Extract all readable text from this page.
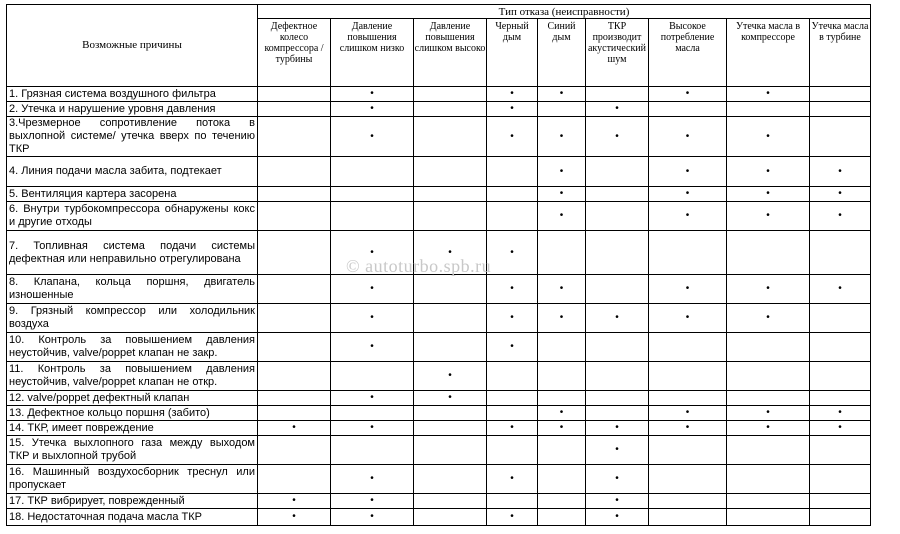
Возможные причины	Тип отказа (неисправности)								
	Дефектное колесо компрессора /турбины	Давление повышения слишком низко	Давление повышения слишком высоко	Черный дым	Синий дым	ТКР производит акустический шум	Высокое потребление масла	Утечка масла в компрессоре	Утечка масла в турбине
1. Грязная система воздушного фильтра		•		•	•		•	•	
2. Утечка и нарушение уровня давления		•		•		•			
3.Чрезмерное сопротивление потока в выхлопной системе/ утечка вверх по течению ТКР		•		•	•	•	•	•	
4. Линия подачи масла забита, подтекает					•		•	•	•
5. Вентиляция картера засорена					•		•	•	•
6. Внутри турбокомпрессора обнаружены кокс и другие отходы					•		•	•	•
7. Топливная система подачи системы дефектная или неправильно отрегулирована		•	•	•					
8. Клапана, кольца поршня, двигатель изношенные		•		•	•		•	•	•
9. Грязный компрессор или холодильник воздуха		•		•	•	•	•	•	
10. Контроль за повышением давления неустойчив, valve/poppet клапан не закр.		•		•					
11. Контроль за повышением давления неустойчив, valve/poppet клапан не откр.			•						
12. valve/poppet дефектный клапан		•	•						
13. Дефектное кольцо поршня (забито)					•		•	•	•
14. ТКР, имеет повреждение	•	•		•	•	•	•	•	•
15. Утечка выхлопного газа между выходом ТКР и выхлопной трубой						•			
16. Машинный воздухосборник треснул или пропускает		•		•		•			
17. ТКР вибрирует, поврежденный	•	•				•			
18. Недостаточная подача масла ТКР	•	•		•		•			
© autoturbo.spb.ru
